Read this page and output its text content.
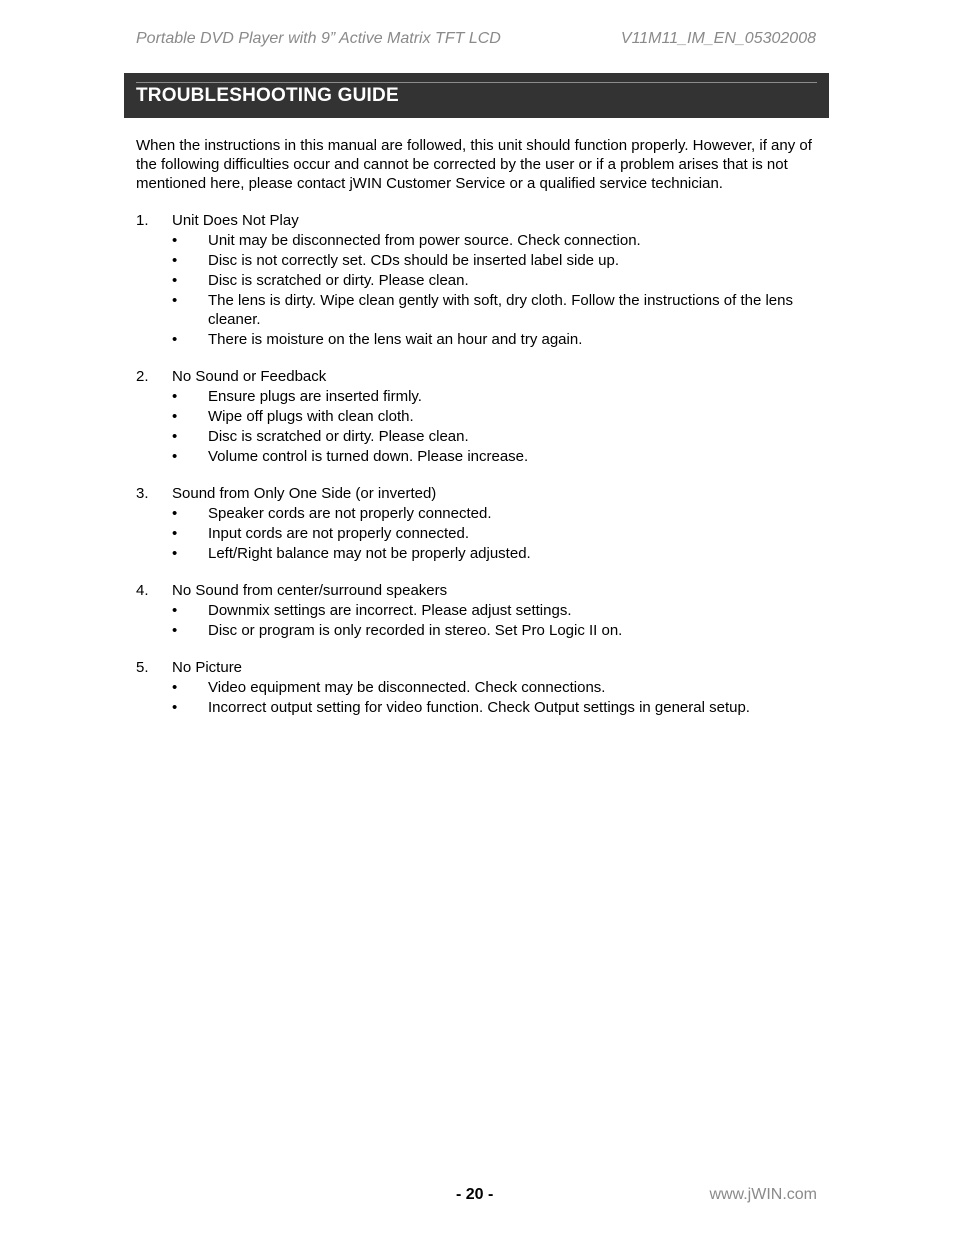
Portable DVD Player with 9” Active Matrix TFT LCD	V11M11_IM_EN_05302008
TROUBLESHOOTING GUIDE

When the instructions in this manual are followed, this unit should function properly. However, if any of the following difficulties occur and cannot be corrected by the user or if a problem arises that is not mentioned here, please contact jWIN Customer Service or a qualified service technician.

1.	Unit Does Not Play
•	Unit may be disconnected from power source. Check connection.
•	Disc is not correctly set. CDs should be inserted label side up.
•	Disc is scratched or dirty. Please clean.
•	The lens is dirty. Wipe clean gently with soft, dry cloth. Follow the instructions of the lens cleaner.
•	There is moisture on the lens wait an hour and try again.
2.	No Sound or Feedback
•	Ensure plugs are inserted firmly.
•	Wipe off plugs with clean cloth.
•	Disc is scratched or dirty. Please clean.
•	Volume control is turned down. Please increase.
3.	Sound from Only One Side (or inverted)
•	Speaker cords are not properly connected.
•	Input cords are not properly connected.
•	Left/Right balance may not be properly adjusted.
4.	No Sound from center/surround speakers
•	Downmix settings are incorrect. Please adjust settings.
•	Disc or program is only recorded in stereo. Set Pro Logic II on.
5.	No Picture
•	Video equipment may be disconnected. Check connections.
•	Incorrect output setting for video function. Check Output settings in general setup.
- 20 -	www.jWIN.com
